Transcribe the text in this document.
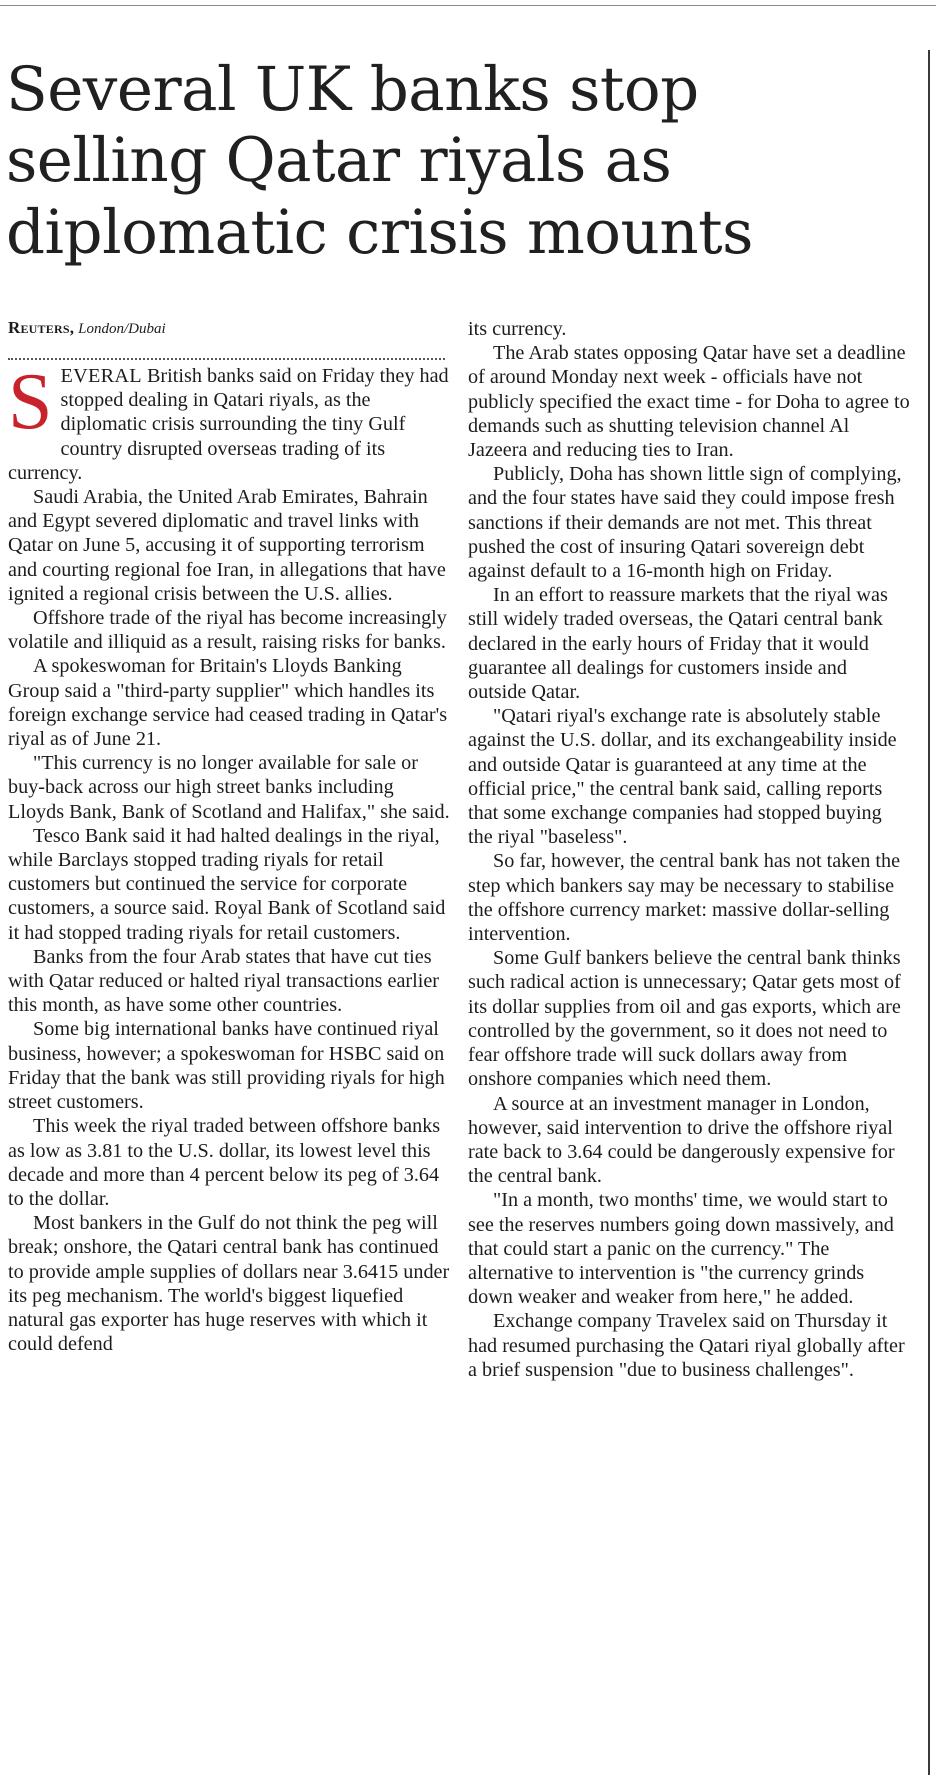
Several UK banks stop selling Qatar riyals as diplomatic crisis mounts
Reuters, London/Dubai

SEVERAL British banks said on Friday they had stopped dealing in Qatari riyals, as the diplomatic crisis surrounding the tiny Gulf country disrupted overseas trading of its currency.

Saudi Arabia, the United Arab Emirates, Bahrain and Egypt severed diplomatic and travel links with Qatar on June 5, accusing it of supporting terrorism and courting regional foe Iran, in allegations that have ignited a regional crisis between the U.S. allies.

Offshore trade of the riyal has become increasingly volatile and illiquid as a result, raising risks for banks.

A spokeswoman for Britain's Lloyds Banking Group said a "third-party supplier" which handles its foreign exchange service had ceased trading in Qatar's riyal as of June 21.

"This currency is no longer available for sale or buy-back across our high street banks including Lloyds Bank, Bank of Scotland and Halifax," she said.

Tesco Bank said it had halted dealings in the riyal, while Barclays stopped trading riyals for retail customers but continued the service for corporate customers, a source said. Royal Bank of Scotland said it had stopped trading riyals for retail customers.

Banks from the four Arab states that have cut ties with Qatar reduced or halted riyal transactions earlier this month, as have some other countries.

Some big international banks have continued riyal business, however; a spokeswoman for HSBC said on Friday that the bank was still providing riyals for high street customers.

This week the riyal traded between offshore banks as low as 3.81 to the U.S. dollar, its lowest level this decade and more than 4 percent below its peg of 3.64 to the dollar.

Most bankers in the Gulf do not think the peg will break; onshore, the Qatari central bank has continued to provide ample supplies of dollars near 3.6415 under its peg mechanism. The world's biggest liquefied natural gas exporter has huge reserves with which it could defend

its currency.

The Arab states opposing Qatar have set a deadline of around Monday next week - officials have not publicly specified the exact time - for Doha to agree to demands such as shutting television channel Al Jazeera and reducing ties to Iran.

Publicly, Doha has shown little sign of complying, and the four states have said they could impose fresh sanctions if their demands are not met. This threat pushed the cost of insuring Qatari sovereign debt against default to a 16-month high on Friday.

In an effort to reassure markets that the riyal was still widely traded overseas, the Qatari central bank declared in the early hours of Friday that it would guarantee all dealings for customers inside and outside Qatar.

"Qatari riyal's exchange rate is absolutely stable against the U.S. dollar, and its exchangeability inside and outside Qatar is guaranteed at any time at the official price," the central bank said, calling reports that some exchange companies had stopped buying the riyal "baseless".

So far, however, the central bank has not taken the step which bankers say may be necessary to stabilise the offshore currency market: massive dollar-selling intervention.

Some Gulf bankers believe the central bank thinks such radical action is unnecessary; Qatar gets most of its dollar supplies from oil and gas exports, which are controlled by the government, so it does not need to fear offshore trade will suck dollars away from onshore companies which need them.

A source at an investment manager in London, however, said intervention to drive the offshore riyal rate back to 3.64 could be dangerously expensive for the central bank.

"In a month, two months' time, we would start to see the reserves numbers going down massively, and that could start a panic on the currency." The alternative to intervention is "the currency grinds down weaker and weaker from here," he added.

Exchange company Travelex said on Thursday it had resumed purchasing the Qatari riyal globally after a brief suspension "due to business challenges".
